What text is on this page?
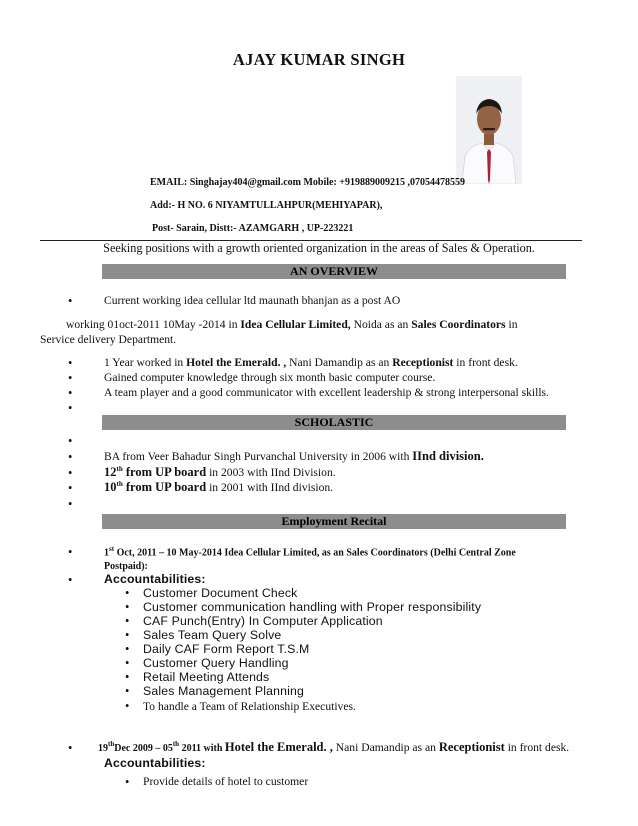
AJAY KUMAR SINGH
EMAIL: Singhajay404@gmail.com Mobile: +919889009215 ,07054478559
Add:- H NO. 6 NIYAMTULLAHPUR(MEHIYAPAR),
Post- Sarain, Distt:- AZAMGARH , UP-223221
Seeking positions with a growth oriented organization in the areas of Sales & Operation.
AN OVERVIEW
•	Current working idea cellular ltd maunath bhanjan as a post AO
working 01oct-2011 10May -2014 in Idea Cellular Limited, Noida as an Sales Coordinators in
Service delivery Department.
•	1 Year worked in Hotel the Emerald. , Nani Damandip as an Receptionist in front desk.
•	Gained computer knowledge through six month basic computer course.
•	A team player and a good communicator with excellent leadership & strong interpersonal skills.
•
SCHOLASTIC
•
•	BA from Veer Bahadur Singh Purvanchal University in 2006 with IInd division.
•	12th from UP board in 2003 with IInd Division.
•	10th from UP board in 2001 with IInd division.
•
Employment Recital
•	1st Oct, 2011 – 10 May-2014 Idea Cellular Limited, as an Sales Coordinators (Delhi Central Zone
Postpaid):
•	Accountabilities:
• Customer Document Check
• Customer communication handling with Proper responsibility
• CAF Punch(Entry) In Computer Application
• Sales Team Query Solve
• Daily CAF Form Report T.S.M
• Customer Query Handling
• Retail Meeting Attends
• Sales Management Planning
• To handle a Team of Relationship Executives.
•	19thDec 2009 – 05th 2011 with Hotel the Emerald. , Nani Damandip as an Receptionist in front desk.
Accountabilities:
• Provide details of hotel to customer
